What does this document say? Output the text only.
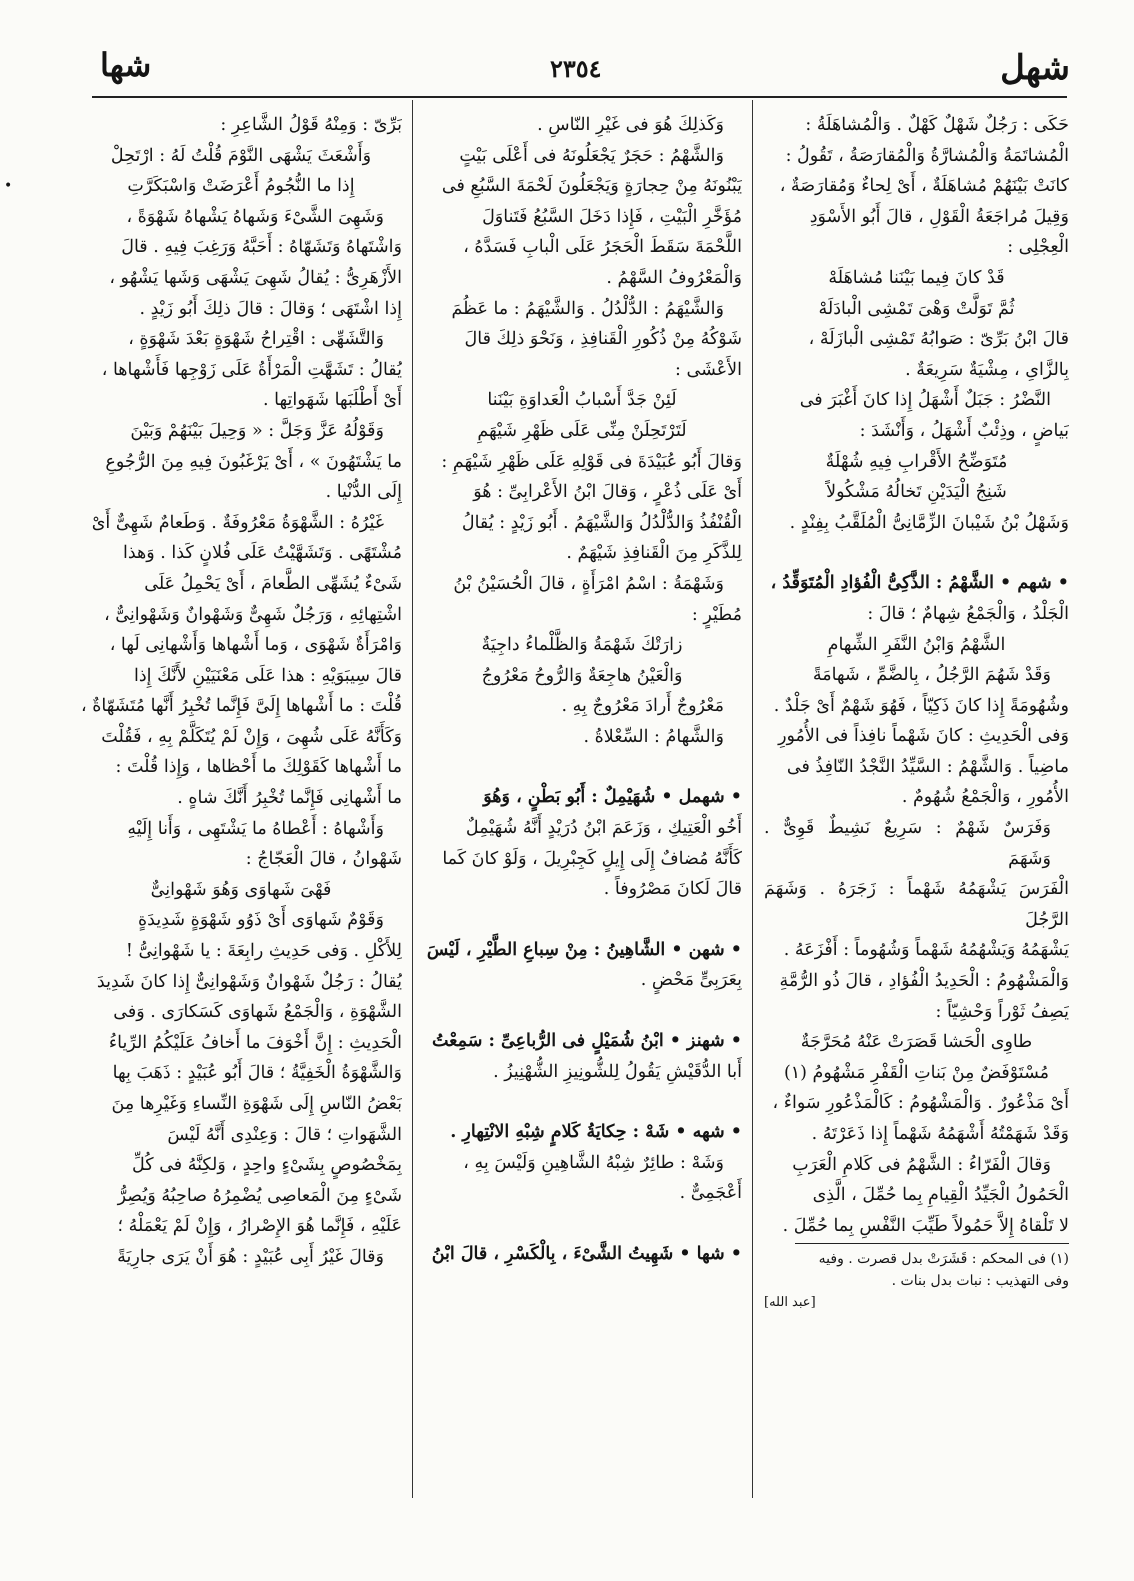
شهل
٢٣٥٤
شها
•

حَكَى : رَجُلٌ شَهْلٌ كَهْلٌ . وَالْمُشاهَلَةُ :

الْمُشاتَمَةُ وَالْمُشارَّةُ وَالْمُقارَصَةُ ، تَقُولُ :

كانَتْ بَيْنَهُمْ مُشاهَلَةٌ ، أَىْ لِحاءٌ وَمُقارَصَةٌ ،

وَقِيلَ مُراجَعَةُ الْقَوْلِ ، قالَ أَبُو الأَسْوَدِ

الْعِجْلِى :

قَدْ كانَ فِيما بَيْنَنا مُشاهَلَهْ

ثُمَّ تَوَلَّتْ وَهْىَ تَمْشِى الْبادَلَهْ

قالَ ابْنُ بَرِّىّ : صَوابُهُ تَمْشِى الْبازَلَهْ ،

بِالزَّاىِ ، مِشْيَةٌ سَرِيعَةٌ .

النَّضْرُ : جَبَلٌ أَشْهَلُ إِذا كانَ أَغْبَرَ فى

بَياضٍ ، وذِئْبٌ أَشْهَلُ ، وَأَنْشَدَ :

مُتَوَضِّحُ الأَقْرابِ فِيهِ شُهْلَةٌ

شَنِجُ الْيَدَيْنِ تَخالُهُ مَشْكُولاً

وَشَهْلُ بْنُ شَيْبانَ الزِّمَّانِىُّ الْمُلَقَّبُ بِفِنْدٍ .

• شهم • الشَّهْمُ : الذَّكِىُّ الْفُؤادِ الْمُتَوَقِّدُ ،

الْجَلْدُ ، وَالْجَمْعُ شِهامٌ ؛ قالَ :

الشَّهْمُ وَابْنُ النَّفَرِ الشِّهامِ

وَقَدْ شَهُمَ الرَّجُلُ ، بِالضَّمِّ ، شَهامَةً

وشُهُومَةً إِذا كانَ ذَكِيّاً ، فَهُوَ شَهْمٌ أَىْ جَلْدٌ .

وَفى الْحَدِيثِ : كانَ شَهْماً نافِذاً فى الأُمُورِ

ماضِياً . وَالشَّهْمُ : السَّيِّدُ النَّجْدُ النّافِذُ فى

الأُمُورِ ، وَالْجَمْعُ شُهُومٌ .

وَفَرَسٌ شَهْمٌ : سَرِيعٌ نَشِيطٌ قَوِىٌّ . وَشَهَمَ

الْفَرَسَ يَشْهَمُهُ شَهْماً : زَجَرَهُ . وَشَهَمَ الرَّجُلَ

يَشْهَمُهُ وَيَشْهُمُهُ شَهْماً وَشُهُوماً : أَفْزَعَهُ .

وَالْمَشْهُومُ : الْحَدِيدُ الْفُؤادِ ، قالَ ذُو الرُّمَّةِ

يَصِفُ ثَوْراً وَحْشِيّاً :

طاوِى الْحَشا قَصَرَتْ عَنْهُ مُحَرَّجَةٌ

مُسْتَوْفَضٌ مِنْ بَناتِ الْقَفْرِ مَشْهُومُ (١)

أَىْ مَذْعُورٌ . وَالْمَشْهُومُ : كَالْمَذْعُورِ سَواءٌ ،

وَقَدْ شَهَمْتُهُ أَشْهَمُهُ شَهْماً إِذا ذَعَرْتَهُ .

وَقالَ الْفَرّاءُ : الشَّهْمُ فى كَلامِ الْعَرَبِ

الْحَمُولُ الْجَيِّدُ الْقِيامِ بِما حُمِّلَ ، الَّذِى

لا تَلْقاهُ إِلاَّ حَمُولاً طَيِّبَ النَّفْسِ بِما حُمِّلَ .

(١) فى المحكم : قَشَرَتْ بدل قصرت . وفيه

وفى التهذيب : نبات بدل بنات .

[عبد الله]

وَكَذلِكَ هُوَ فى غَيْرِ النّاسِ .

وَالشَّهْمُ : حَجَرٌ يَجْعَلُونَهُ فى أَعْلَى بَيْتٍ

يَبْنُونَهُ مِنْ حِجارَةٍ وَيَجْعَلُونَ لَحْمَةَ السَّبُعِ فى

مُؤَخَّرِ الْبَيْتِ ، فَإِذا دَخَلَ السَّبُعُ فَتَناوَلَ

اللَّحْمَةَ سَقَطَ الْحَجَرُ عَلَى الْبابِ فَسَدَّهُ ،

وَالْمَعْرُوفُ السَّهْمُ .

وَالشَّيْهَمُ : الدُّلْدُلُ . وَالشَّيْهَمُ : ما عَظُمَ

شَوْكُهُ مِنْ ذُكُورِ الْقَنافِذِ ، وَنَحْوَ ذلِكَ قالَ

الأَعْشَى :

لَئِنْ جَدَّ أَسْبابُ الْعَداوَةِ بَيْنَنا

لَتَرْتَحِلَنْ مِنِّى عَلَى ظَهْرِ شَيْهَمِ

وَقالَ أَبُو عُبَيْدَةَ فى قَوْلِهِ عَلَى ظَهْرِ شَيْهَمِ :

أَىْ عَلَى ذُعْرٍ ، وَقالَ ابْنُ الأَعْرابِىِّ : هُوَ

الْقُنْفُذُ وَالدُّلْدُلُ وَالشَّيْهَمُ . أَبُو زَيْدٍ : يُقالُ

لِلذَّكَرِ مِنَ الْقَنافِذِ شَيْهَمٌ .

وَشَهْمَةُ : اسْمُ امْرَأَةٍ ، قالَ الْحُسَيْنُ بْنُ

مُطَيْرٍ :

زارَتْكَ شَهْمَةُ وَالظَّلْماءُ داجِيَةٌ

وَالْعَيْنُ هاجِعَةٌ وَالرُّوحُ مَعْرُوجُ

مَعْرُوجٌ أَرادَ مَعْرُوجٌ بِهِ .

وَالشَّهامُ : السِّعْلاةُ .

• شهمل • شُهَيْمِلٌ : أَبُو بَطْنٍ ، وَهُوَ

أَخُو الْعَتِيكِ ، وَزَعَمَ ابْنُ دُرَيْدٍ أَنَّهُ شُهَيْمِلٌ

كَأَنَّهُ مُضافٌ إِلَى إِيلٍ كَجِبْرِيلَ ، وَلَوْ كانَ كَما

قالَ لَكانَ مَصْرُوفاً .

• شهن • الشَّاهِينُ : مِنْ سِباعِ الطَّيْرِ ، لَيْسَ

بِعَرَبِىٍّ مَحْضٍ .

• شهنز • ابْنُ شُمَيْلٍ فى الرُّباعِىِّ : سَمِعْتُ

أَبا الدُّقَيْشِ يَقُولُ لِلشُّونِيزِ الشُّهْنِيزُ .

• شهه • شَهْ : حِكايَةُ كَلامٍ شِبْهِ الانْتِهارِ .

وَشَهْ : طائِرٌ شِبْهُ الشَّاهِينِ وَلَيْسَ بِهِ ،

أَعْجَمِىٌّ .

• شها • شَهِيتُ الشَّىْءَ ، بِالْكَسْرِ ، قالَ ابْنُ

بَرِّىّ : وَمِنْهُ قَوْلُ الشَّاعِرِ :

وَأَشْعَثَ يَشْهَى النَّوْمَ قُلْتُ لَهُ : ارْتَحِلْ

إِذا ما النُّجُومُ أَعْرَضَتْ وَاسْبَكَرَّتِ

وَشَهِىَ الشَّىْءَ وَشَهاهُ يَشْهاهُ شَهْوَةً ،

وَاشْتَهاهُ وَتَشَهّاهُ : أَحَبَّهُ وَرَغِبَ فِيهِ . قالَ

الأَزْهَرِىُّ : يُقالُ شَهِىَ يَشْهَى وَشَها يَشْهُو ،

إِذا اشْتَهَى ؛ وَقالَ : قالَ ذلِكَ أَبُو زَيْدٍ .

وَالتَّشَهِّى : اقْتِراحُ شَهْوَةٍ بَعْدَ شَهْوَةٍ ،

يُقالُ : تَشَهَّتِ الْمَرْأَةُ عَلَى زَوْجِها فَأَشْهاها ،

أَىْ أَطْلَبَها شَهَواتِها .

وَقَوْلُهُ عَزَّ وَجَلَّ : « وَحِيلَ بَيْنَهُمْ وَبَيْنَ

ما يَشْتَهُونَ » ، أَىْ يَرْغَبُونَ فِيهِ مِنَ الرُّجُوعِ

إِلَى الدُّنْيا .

غَيْرُهُ : الشَّهْوَةُ مَعْرُوفَةٌ . وَطَعامٌ شَهِىٌّ أَىْ

مُشْتَهًى . وَتَشَهَّيْتُ عَلَى فُلانٍ كَذا . وَهذا

شَىْءٌ يُشَهِّى الطَّعامَ ، أَىْ يَحْمِلُ عَلَى

اشْتِهائِهِ ، وَرَجُلٌ شَهِىٌّ وَشَهْوانٌ وَشَهْوانِىٌّ ،

وَامْرَأَةٌ شَهْوَى ، وَما أَشْهاها وَأَشْهانِى لَها ،

قالَ سِيبَوَيْهِ : هذا عَلَى مَعْنَيَيْنِ لأَنَّكَ إِذا

قُلْتَ : ما أَشْهاها إِلَىَّ فَإِنَّما تُخْبِرُ أَنَّها مُتَشَهّاةٌ ،

وَكَأَنَّهُ عَلَى شُهِىَ ، وَإِنْ لَمْ يُتَكَلَّمْ بِهِ ، فَقُلْتَ

ما أَشْهاها كَقَوْلِكَ ما أَحْظاها ، وَإِذا قُلْتَ :

ما أَشْهانِى فَإِنَّما تُخْبِرُ أَنَّكَ شاهٍ .

وَأَشْهاهُ : أَعْطاهُ ما يَشْتَهِى ، وَأَنا إِلَيْهِ

شَهْوانُ ، قالَ الْعَجّاجُ :

فَهْىَ شَهاوَى وَهُوَ شَهْوانِىٌّ

وَقَوْمٌ شَهاوَى أَىْ ذَوُو شَهْوَةٍ شَدِيدَةٍ

لِلأَكْلِ . وَفى حَدِيثِ رابِعَةَ : يا شَهْوانِىُّ !

يُقالُ : رَجُلٌ شَهْوانٌ وَشَهْوانِىٌّ إِذا كانَ شَدِيدَ

الشَّهْوَةِ ، وَالْجَمْعُ شَهاوَى كَسَكارَى . وَفى

الْحَدِيثِ : إِنَّ أَخْوَفَ ما أَخافُ عَلَيْكُمُ الرِّياءُ

وَالشَّهْوَةُ الْخَفِيَّةُ ؛ قالَ أَبُو عُبَيْدٍ : ذَهَبَ بِها

بَعْضُ النّاسِ إِلَى شَهْوَةِ النِّساءِ وَغَيْرِها مِنَ

الشَّهَواتِ ؛ قالَ : وَعِنْدِى أَنَّهُ لَيْسَ

بِمَخْصُوصٍ بِشَىْءٍ واحِدٍ ، وَلكِنَّهُ فى كُلِّ

شَىْءٍ مِنَ الْمَعاصِى يُضْمِرُهُ صاحِبُهُ وَيُصِرُّ

عَلَيْهِ ، فَإِنَّما هُوَ الإِصْرارُ ، وَإِنْ لَمْ يَعْمَلْهُ ؛

وَقالَ غَيْرُ أَبِى عُبَيْدٍ : هُوَ أَنْ يَرَى جارِيَةً
